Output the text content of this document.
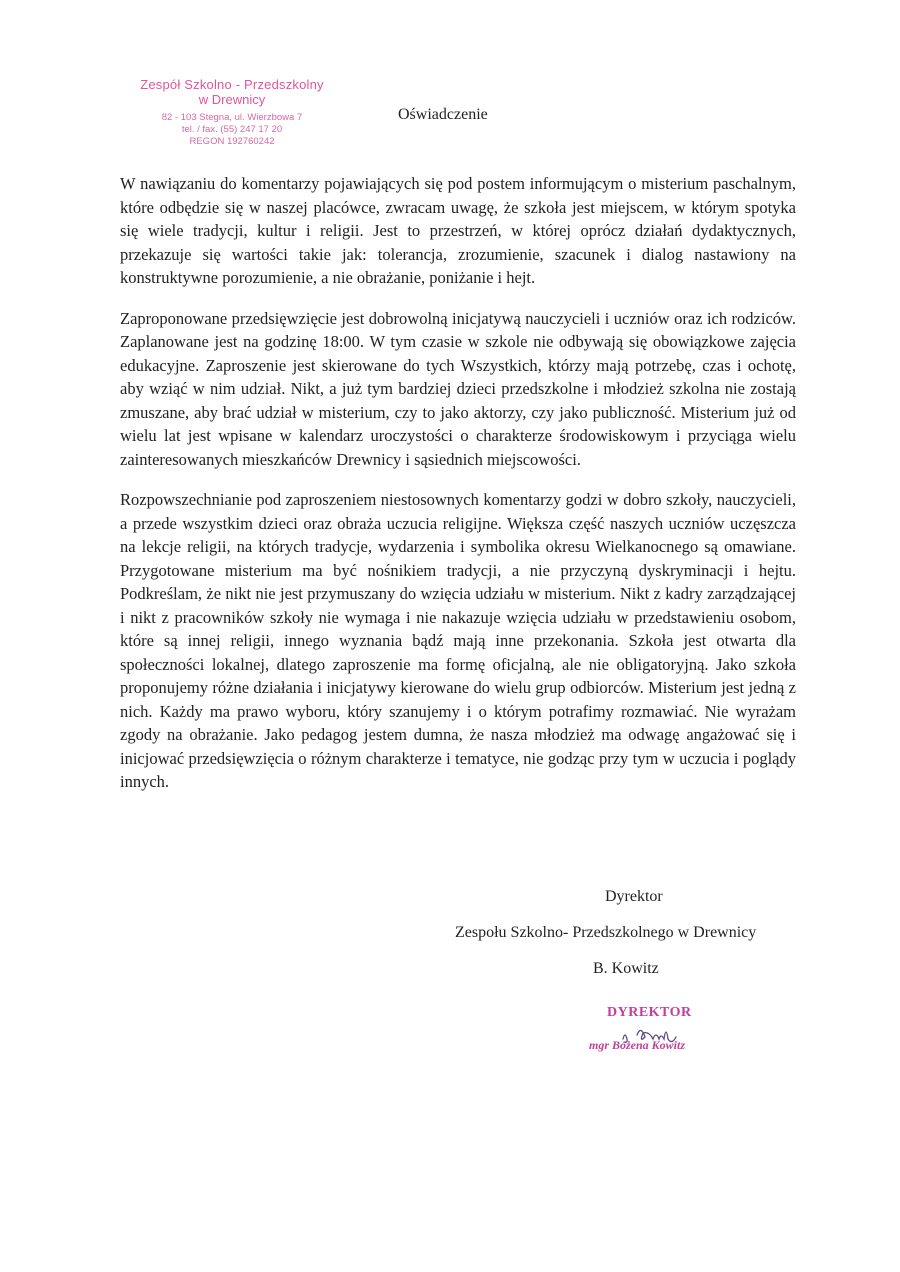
Zespół Szkolno - Przedszkolny
w Drewnicy
82 - 103 Stegna, ul. Wierzbowa 7
tel. / fax. (55) 247 17 20
REGON 192760242
Oświadczenie

W nawiązaniu do komentarzy pojawiających się pod postem informującym o misterium paschalnym, które odbędzie się w naszej placówce, zwracam uwagę, że szkoła jest miejscem, w którym spotyka się wiele tradycji, kultur i religii. Jest to przestrzeń, w której oprócz działań dydaktycznych, przekazuje się wartości takie jak: tolerancja, zrozumienie, szacunek i dialog nastawiony na konstruktywne porozumienie, a nie obrażanie, poniżanie i hejt.

Zaproponowane przedsięwzięcie jest dobrowolną inicjatywą nauczycieli i uczniów oraz ich rodziców. Zaplanowane jest na godzinę 18:00. W tym czasie w szkole nie odbywają się obowiązkowe zajęcia edukacyjne. Zaproszenie jest skierowane do tych Wszystkich, którzy mają potrzebę, czas i ochotę, aby wziąć w nim udział. Nikt, a już tym bardziej dzieci przedszkolne i młodzież szkolna nie zostają zmuszane, aby brać udział w misterium, czy to jako aktorzy, czy jako publiczność. Misterium już od wielu lat jest wpisane w kalendarz uroczystości o charakterze środowiskowym i przyciąga wielu zainteresowanych mieszkańców Drewnicy i sąsiednich miejscowości.

Rozpowszechnianie pod zaproszeniem niestosownych komentarzy godzi w dobro szkoły, nauczycieli, a przede wszystkim dzieci oraz obraża uczucia religijne. Większa część naszych uczniów uczęszcza na lekcje religii, na których tradycje, wydarzenia i symbolika okresu Wielkanocnego są omawiane. Przygotowane misterium ma być nośnikiem tradycji, a nie przyczyną dyskryminacji i hejtu. Podkreślam, że nikt nie jest przymuszany do wzięcia udziału w misterium. Nikt z kadry zarządzającej i nikt z pracowników szkoły nie wymaga i nie nakazuje wzięcia udziału w przedstawieniu osobom, które są innej religii, innego wyznania bądź mają inne przekonania. Szkoła jest otwarta dla społeczności lokalnej, dlatego zaproszenie ma formę oficjalną, ale nie obligatoryjną. Jako szkoła proponujemy różne działania i inicjatywy kierowane do wielu grup odbiorców. Misterium jest jedną z nich. Każdy ma prawo wyboru, który szanujemy i o którym potrafimy rozmawiać. Nie wyrażam zgody na obrażanie. Jako pedagog jestem dumna, że nasza młodzież ma odwagę angażować się i inicjować przedsięwzięcia o różnym charakterze i tematyce, nie godząc przy tym w uczucia i poglądy innych.

Dyrektor
Zespołu Szkolno- Przedszkolnego w Drewnicy
B. Kowitz
DYREKTOR
mgr Bożena Kowitz
